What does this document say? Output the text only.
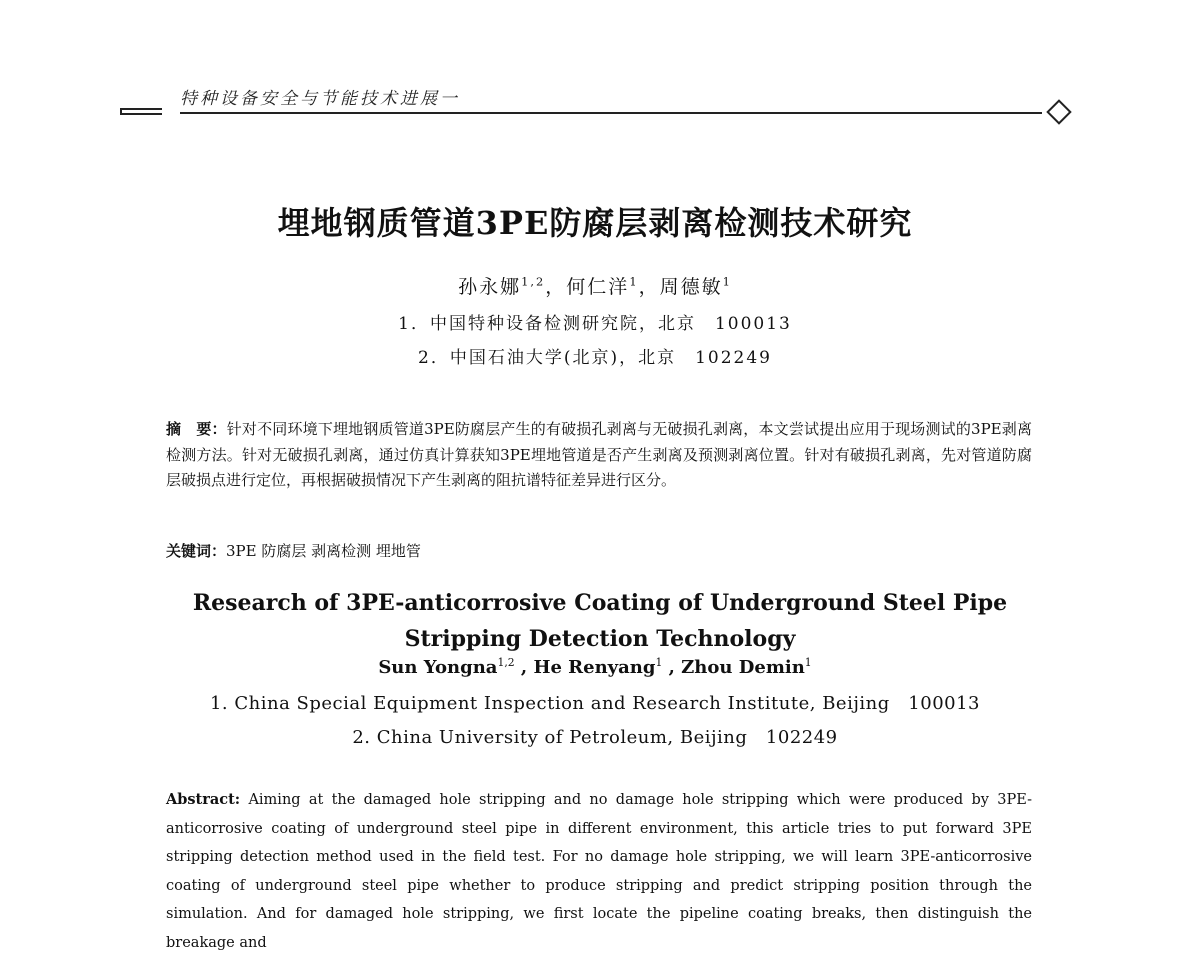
特种设备安全与节能技术进展一
埋地钢质管道3PE防腐层剥离检测技术研究
孙永娜$^{1,2}$，何仁洋$^1$，周德敏$^1$
1．中国特种设备检测研究院，北京　100013
2．中国石油大学(北京)，北京　102249
摘　要：针对不同环境下埋地钢质管道3PE防腐层产生的有破损孔剥离与无破损孔剥离，本文尝试提出应用于现场测试的3PE剥离检测方法。针对无破损孔剥离，通过仿真计算获知3PE埋地管道是否产生剥离及预测剥离位置。针对有破损孔剥离，先对管道防腐层破损点进行定位，再根据破损情况下产生剥离的阻抗谱特征差异进行区分。
关键词：3PE 防腐层 剥离检测 埋地管
Research of 3PE-anticorrosive Coating of Underground Steel Pipe Stripping Detection Technology
Sun Yongna$^{1,2}$ , He Renyang$^1$ , Zhou Demin$^1$
1. China Special Equipment Inspection and Research Institute, Beijing　100013
2. China University of Petroleum, Beijing　102249
Abstract: Aiming at the damaged hole stripping and no damage hole stripping which were produced by 3PE-anticorrosive coating of underground steel pipe in different environment, this article tries to put forward 3PE stripping detection method used in the field test. For no damage hole stripping, we will learn 3PE-anticorrosive coating of underground steel pipe whether to produce stripping and predict stripping position through the simulation. And for damaged hole stripping, we first locate the pipeline coating breaks, then distinguish the breakage and
